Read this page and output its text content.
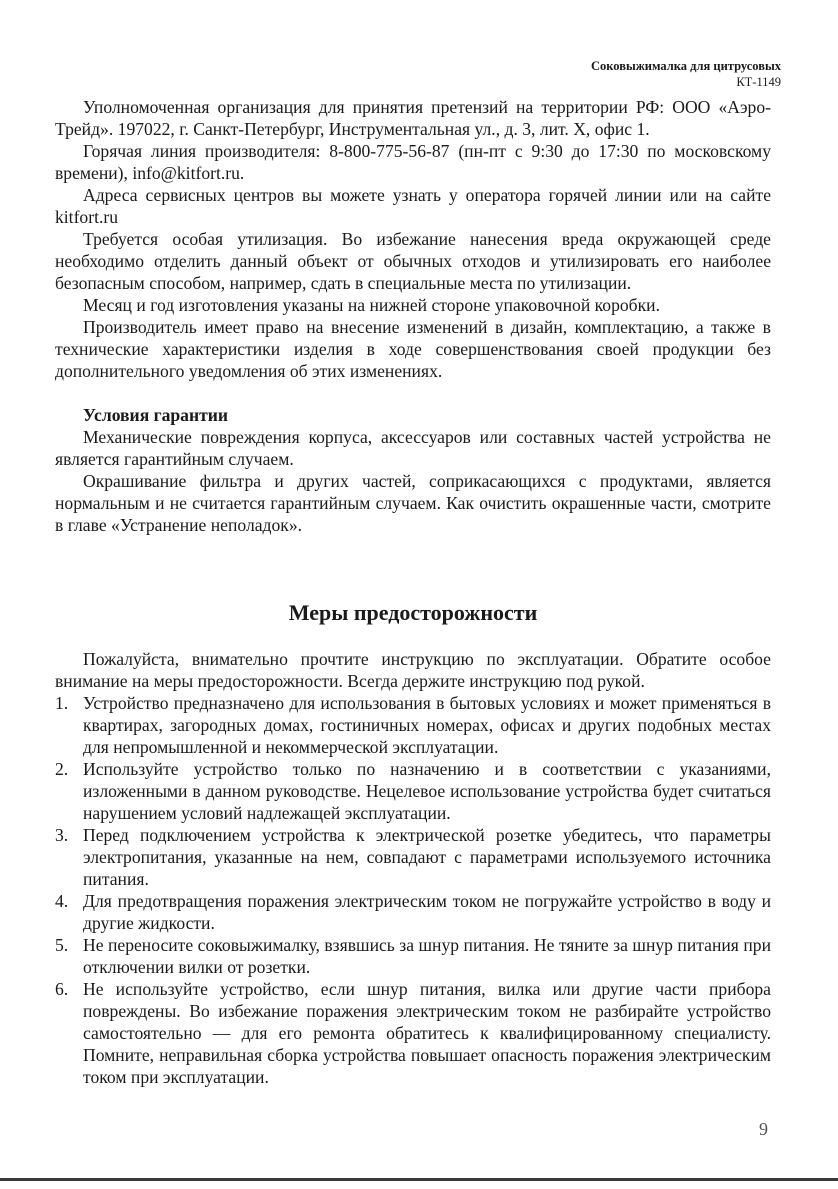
Соковыжималка для цитрусовых
КТ-1149

Уполномоченная организация для принятия претензий на территории РФ: ООО «Аэро-Трейд». 197022, г. Санкт-Петербург, Инструментальная ул., д. 3, лит. Х, офис 1.

Горячая линия производителя: 8-800-775-56-87 (пн-пт с 9:30 до 17:30 по московскому времени), info@kitfort.ru.

Адреса сервисных центров вы можете узнать у оператора горячей линии или на сайте kitfort.ru

Требуется особая утилизация. Во избежание нанесения вреда окружающей среде необходимо отделить данный объект от обычных отходов и утилизировать его наиболее безопасным способом, например, сдать в специальные места по утилизации.

Месяц и год изготовления указаны на нижней стороне упаковочной коробки.

Производитель имеет право на внесение изменений в дизайн, комплектацию, а также в технические характеристики изделия в ходе совершенствования своей продукции без дополнительного уведомления об этих изменениях.

Условия гарантии

Механические повреждения корпуса, аксессуаров или составных частей устройства не является гарантийным случаем.

Окрашивание фильтра и других частей, соприкасающихся с продуктами, является нормальным и не считается гарантийным случаем. Как очистить окрашенные части, смотрите в главе «Устранение неполадок».

Меры предосторожности

Пожалуйста, внимательно прочтите инструкцию по эксплуатации. Обратите особое внимание на меры предосторожности. Всегда держите инструкцию под рукой.

1. Устройство предназначено для использования в бытовых условиях и может применяться в квартирах, загородных домах, гостиничных номерах, офисах и других подобных местах для непромышленной и некоммерческой эксплуатации.
2. Используйте устройство только по назначению и в соответствии с указаниями, изложенными в данном руководстве. Нецелевое использование устройства будет считаться нарушением условий надлежащей эксплуатации.
3. Перед подключением устройства к электрической розетке убедитесь, что параметры электропитания, указанные на нем, совпадают с параметрами используемого источника питания.
4. Для предотвращения поражения электрическим током не погружайте устройство в воду и другие жидкости.
5. Не переносите соковыжималку, взявшись за шнур питания. Не тяните за шнур питания при отключении вилки от розетки.
6. Не используйте устройство, если шнур питания, вилка или другие части прибора повреждены. Во избежание поражения электрическим током не разбирайте устройство самостоятельно — для его ремонта обратитесь к квалифицированному специалисту. Помните, неправильная сборка устройства повышает опасность поражения электрическим током при эксплуатации.
9
